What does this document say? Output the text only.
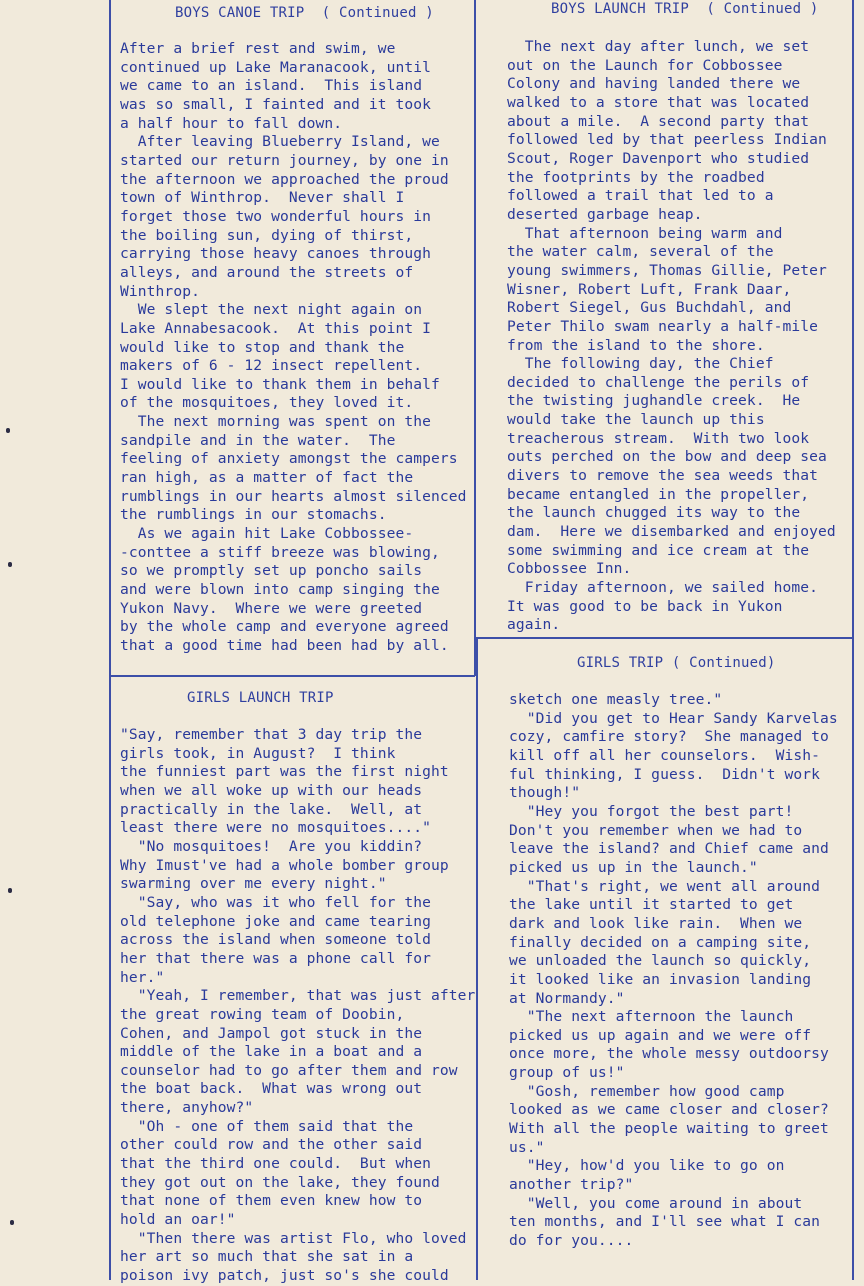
BOYS CANOE TRIP  ( Continued )

After a brief rest and swim, we
continued up Lake Maranacook, until
we came to an island.  This island
was so small, I fainted and it took
a half hour to fall down.
After leaving Blueberry Island, we
started our return journey, by one in
the afternoon we approached the proud
town of Winthrop.  Never shall I
forget those two wonderful hours in
the boiling sun, dying of thirst,
carrying those heavy canoes through
alleys, and around the streets of
Winthrop.
We slept the next night again on
Lake Annabesacook.  At this point I
would like to stop and thank the
makers of 6 - 12 insect repellent.
I would like to thank them in behalf
of the mosquitoes, they loved it.
The next morning was spent on the
sandpile and in the water.  The
feeling of anxiety amongst the campers
ran high, as a matter of fact the
rumblings in our hearts almost silenced
the rumblings in our stomachs.
As we again hit Lake Cobbossee-
-conttee a stiff breeze was blowing,
so we promptly set up poncho sails
and were blown into camp singing the
Yukon Navy.  Where we were greeted
by the whole camp and everyone agreed
that a good time had been had by all.

BOYS LAUNCH TRIP  ( Continued )

The next day after lunch, we set
out on the Launch for Cobbossee
Colony and having landed there we
walked to a store that was located
about a mile.  A second party that
followed led by that peerless Indian
Scout, Roger Davenport who studied
the footprints by the roadbed
followed a trail that led to a
deserted garbage heap.
That afternoon being warm and
the water calm, several of the
young swimmers, Thomas Gillie, Peter
Wisner, Robert Luft, Frank Daar,
Robert Siegel, Gus Buchdahl, and
Peter Thilo swam nearly a half-mile
from the island to the shore.
The following day, the Chief
decided to challenge the perils of
the twisting jughandle creek.  He
would take the launch up this
treacherous stream.  With two look
outs perched on the bow and deep sea
divers to remove the sea weeds that
became entangled in the propeller,
the launch chugged its way to the
dam.  Here we disembarked and enjoyed
some swimming and ice cream at the
Cobbossee Inn.
Friday afternoon, we sailed home.
It was good to be back in Yukon
again.

GIRLS LAUNCH TRIP

"Say, remember that 3 day trip the
girls took, in August?  I think
the funniest part was the first night
when we all woke up with our heads
practically in the lake.  Well, at
least there were no mosquitoes...."
"No mosquitoes!  Are you kiddin?
Why Imust've had a whole bomber group
swarming over me every night."
"Say, who was it who fell for the
old telephone joke and came tearing
across the island when someone told
her that there was a phone call for
her."
"Yeah, I remember, that was just after
the great rowing team of Doobin,
Cohen, and Jampol got stuck in the
middle of the lake in a boat and a
counselor had to go after them and row
the boat back.  What was wrong out
there, anyhow?"
"Oh - one of them said that the
other could row and the other said
that the third one could.  But when
they got out on the lake, they found
that none of them even knew how to
hold an oar!"
"Then there was artist Flo, who loved
her art so much that she sat in a
poison ivy patch, just so's she could

GIRLS TRIP ( Continued)

sketch one measly tree."
"Did you get to Hear Sandy Karvelas
cozy, camfire story?  She managed to
kill off all her counselors.  Wish-
ful thinking, I guess.  Didn't work
though!"
"Hey you forgot the best part!
Don't you remember when we had to
leave the island? and Chief came and
picked us up in the launch."
"That's right, we went all around
the lake until it started to get
dark and look like rain.  When we
finally decided on a camping site,
we unloaded the launch so quickly,
it looked like an invasion landing
at Normandy."
"The next afternoon the launch
picked us up again and we were off
once more, the whole messy outdoorsy
group of us!"
"Gosh, remember how good camp
looked as we came closer and closer?
With all the people waiting to greet
us."
"Hey, how'd you like to go on
another trip?"
"Well, you come around in about
ten months, and I'll see what I can
do for you....
